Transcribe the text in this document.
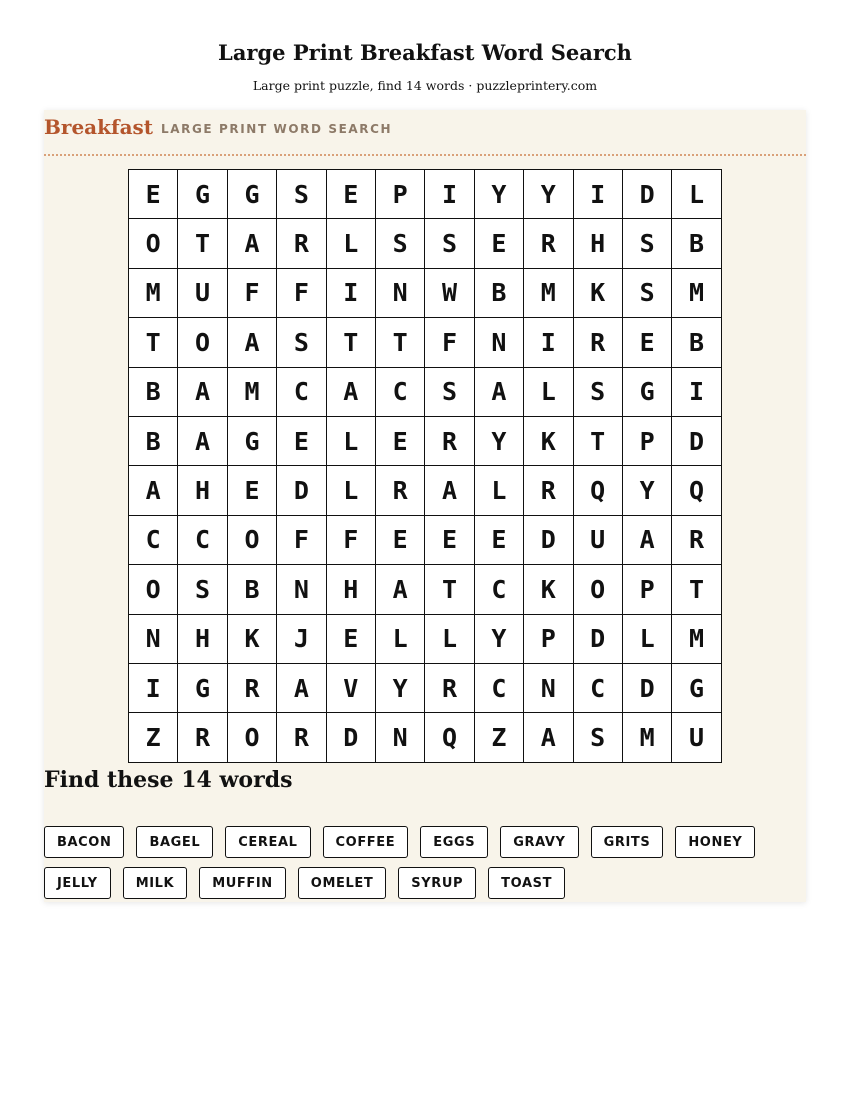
Large Print Breakfast Word Search
Large print puzzle, find 14 words · puzzleprintery.com
Breakfast LARGE PRINT WORD SEARCH
E	G	G	S	E	P	I	Y	Y	I	D	L
O	T	A	R	L	S	S	E	R	H	S	B
M	U	F	F	I	N	W	B	M	K	S	M
T	O	A	S	T	T	F	N	I	R	E	B
B	A	M	C	A	C	S	A	L	S	G	I
B	A	G	E	L	E	R	Y	K	T	P	D
A	H	E	D	L	R	A	L	R	Q	Y	Q
C	C	O	F	F	E	E	E	D	U	A	R
O	S	B	N	H	A	T	C	K	O	P	T
N	H	K	J	E	L	L	Y	P	D	L	M
I	G	R	A	V	Y	R	C	N	C	D	G
Z	R	O	R	D	N	Q	Z	A	S	M	U
Find these 14 words
BACON	BAGEL	CEREAL	COFFEE	EGGS	GRAVY	GRITS	HONEY
JELLY	MILK	MUFFIN	OMELET	SYRUP	TOAST
